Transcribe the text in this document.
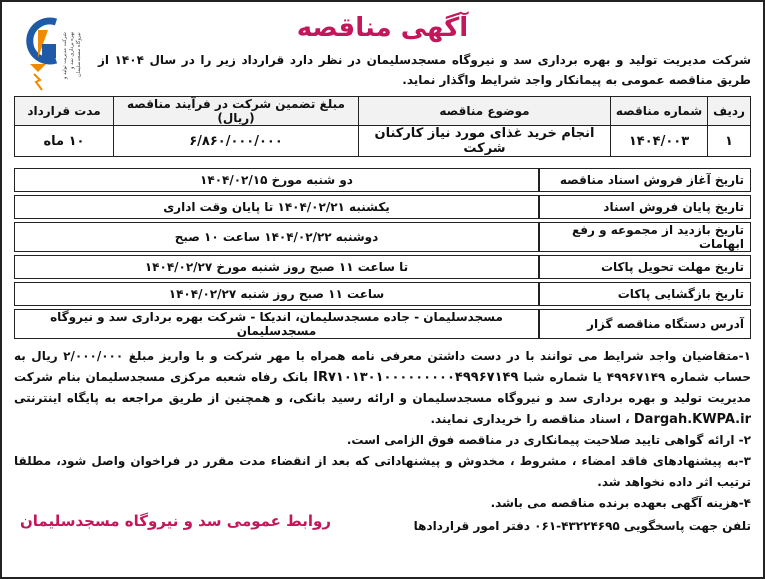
شرکت مدیریت تولید و بهره برداری سد و نیروگاه مسجدسلیمان
آگهی مناقصه

شرکت مدیریت تولید و بهره برداری سد و نیروگاه مسجدسلیمان در نظر دارد قرارداد زیر را در سال ۱۴۰۴ از طریق مناقصه عمومی به پیمانکار واجد شرایط واگذار نماید.

ردیف	شماره مناقصه	موضوع مناقصه	مبلغ تضمین شرکت در فرآیند مناقصه (ریال)	مدت قرارداد
۱	۱۴۰۴/۰۰۳	انجام خرید غذای مورد نیاز کارکنان شرکت	۶/۸۶۰/۰۰۰/۰۰۰	۱۰ ماه
تاریخ آغاز فروش اسناد مناقصه	دو شنبه مورخ ۱۴۰۴/۰۲/۱۵
تاریخ پایان فروش اسناد	یکشنبه ۱۴۰۴/۰۲/۲۱ تا پایان وقت اداری
تاریخ بازدید از مجموعه و رفع ابهامات	دوشنبه ۱۴۰۴/۰۲/۲۲ ساعت ۱۰ صبح
تاریخ مهلت تحویل پاکات	تا ساعت ۱۱ صبح روز شنبه مورخ ۱۴۰۴/۰۲/۲۷
تاریخ بازگشایی پاکات	ساعت ۱۱ صبح روز شنبه ۱۴۰۴/۰۲/۲۷
آدرس دستگاه مناقصه گزار	مسجدسلیمان - جاده مسجدسلیمان، اندیکا - شرکت بهره برداری سد و نیروگاه مسجدسلیمان

۱-متقاضیان واجد شرایط می توانند با در دست داشتن معرفی نامه همراه با مهر شرکت و با واریز مبلغ ۲/۰۰۰/۰۰۰ ریال به حساب شماره ۴۹۹۶۷۱۴۹ یا شماره شبا IR۷۱۰۱۳۰۱۰۰۰۰۰۰۰۰۰۴۹۹۶۷۱۴۹ بانک رفاه شعبه مرکزی مسجدسلیمان بنام شرکت مدیریت تولید و بهره برداری سد و نیروگاه مسجدسلیمان و ارائه رسید بانکی، و همچنین از طریق مراجعه به پایگاه اینترنتی Dargah.KWPA.ir ، اسناد مناقصه را خریداری نمایند.

۲- ارائه گواهی تایید صلاحیت پیمانکاری در مناقصه فوق الزامی است.

۳-به پیشنهادهای فاقد امضاء ، مشروط ، مخدوش و پیشنهاداتی که بعد از انقضاء مدت مقرر در فراخوان واصل شود، مطلقا ترتیب اثر داده نخواهد شد.

۴-هزینه آگهی بعهده برنده مناقصه می باشد.

تلفن جهت پاسخگویی ۴۳۲۲۴۶۹۵-۰۶۱ دفتر امور قراردادها
روابط عمومی سد و نیروگاه مسجدسلیمان
